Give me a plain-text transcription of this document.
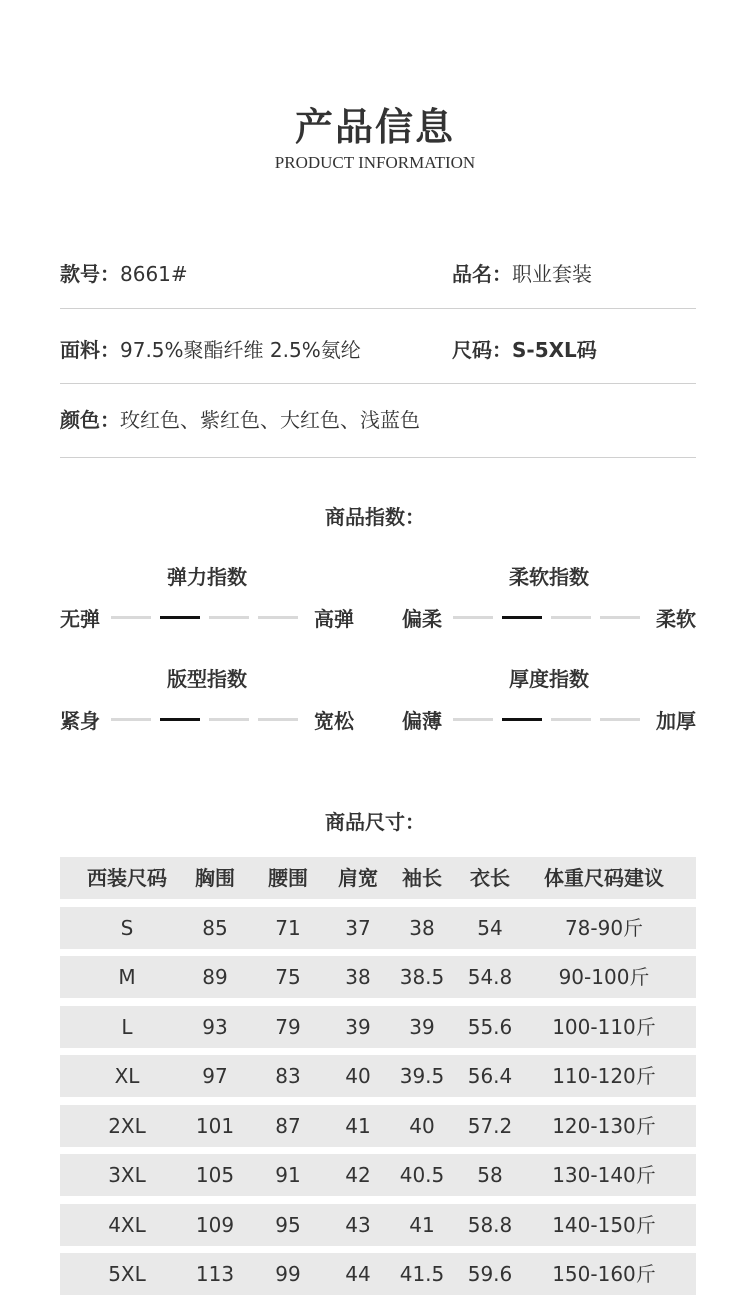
产品信息
PRODUCT INFORMATION
款号：8661#	品名：职业套装
面料：97.5%聚酯纤维 2.5%氨纶	尺码：S-5XL码
颜色：玫红色、紫红色、大红色、浅蓝色
商品指数：
弹力指数
无弹	高弹
柔软指数
偏柔	柔软
版型指数
紧身	宽松
厚度指数
偏薄	加厚
商品尺寸：
西装尺码	胸围	腰围	肩宽	袖长	衣长	体重尺码建议
S	85	71	37	38	54	78-90斤
M	89	75	38	38.5	54.8	90-100斤
L	93	79	39	39	55.6	100-110斤
XL	97	83	40	39.5	56.4	110-120斤
2XL	101	87	41	40	57.2	120-130斤
3XL	105	91	42	40.5	58	130-140斤
4XL	109	95	43	41	58.8	140-150斤
5XL	113	99	44	41.5	59.6	150-160斤
